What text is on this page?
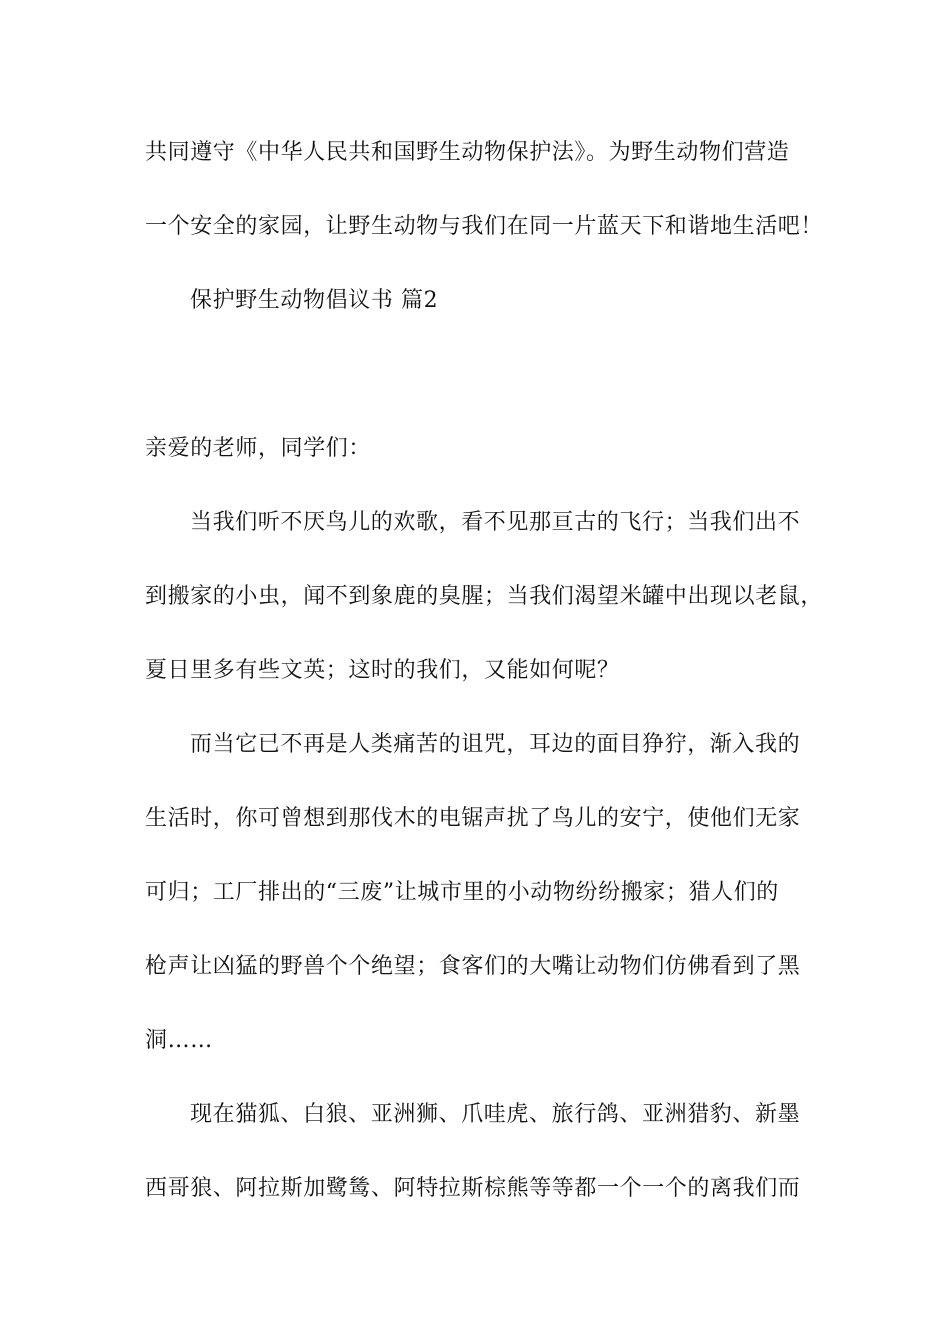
共同遵守《中华人民共和国野生动物保护法》。为野生动物们营造
一个安全的家园，让野生动物与我们在同一片蓝天下和谐地生活吧！
保护野生动物倡议书 篇2
亲爱的老师，同学们：
当我们听不厌鸟儿的欢歌，看不见那亘古的飞行；当我们出不
到搬家的小虫，闻不到象鹿的臭腥；当我们渴望米罐中出现以老鼠，
夏日里多有些文英；这时的我们，又能如何呢？
而当它已不再是人类痛苦的诅咒，耳边的面目狰狞，渐入我的
生活时，你可曾想到那伐木的电锯声扰了鸟儿的安宁，使他们无家
可归；工厂排出的“三废”让城市里的小动物纷纷搬家；猎人们的
枪声让凶猛的野兽个个绝望；食客们的大嘴让动物们仿佛看到了黑
洞……
现在猫狐、白狼、亚洲狮、爪哇虎、旅行鸽、亚洲猎豹、新墨
西哥狼、阿拉斯加鹭鸶、阿特拉斯棕熊等等都一个一个的离我们而
